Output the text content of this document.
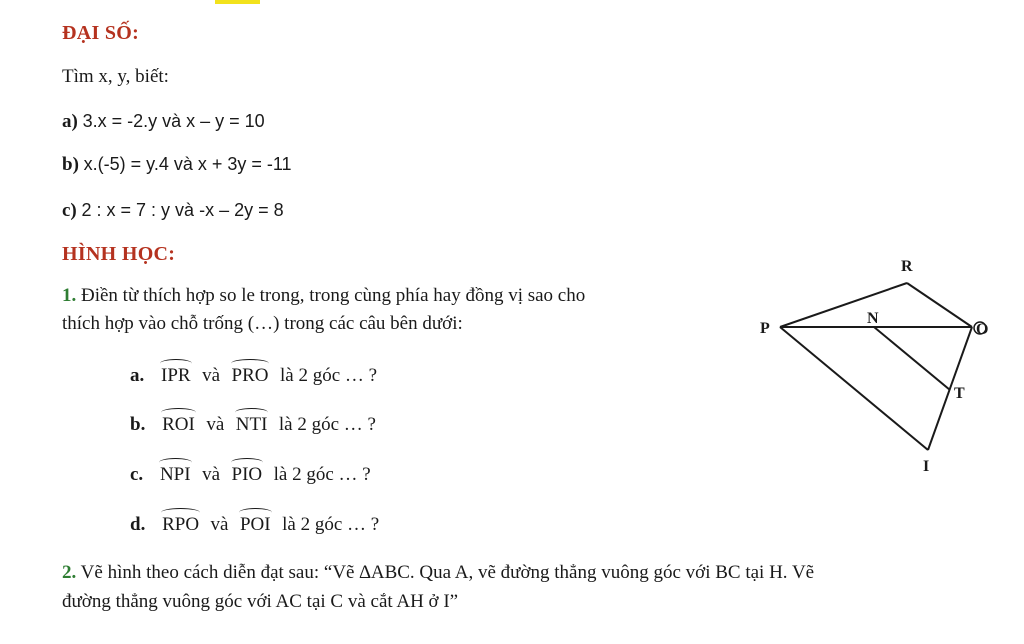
ĐẠI SỐ:
Tìm x, y, biết:
a) 3.x = -2.y và x – y = 10
b) x.(-5) = y.4 và x + 3y = -11
c) 2 : x = 7 : y và -x – 2y = 8
HÌNH HỌC:
1. Điền từ thích hợp so le trong, trong cùng phía hay đồng vị sao cho
thích hợp vào chỗ trống (…) trong các câu bên dưới:
a. IPR và PRO là 2 góc … ?
b. ROI và NTI là 2 góc … ?
c. NPI và PIO là 2 góc … ?
d. RPO và POI là 2 góc … ?
2. Vẽ hình theo cách diễn đạt sau: “Vẽ ∆ABC. Qua A, vẽ đường thẳng vuông góc với BC tại H. Vẽ
đường thẳng vuông góc với AC tại C và cắt AH ở I”
R
P
N
O
T
I
